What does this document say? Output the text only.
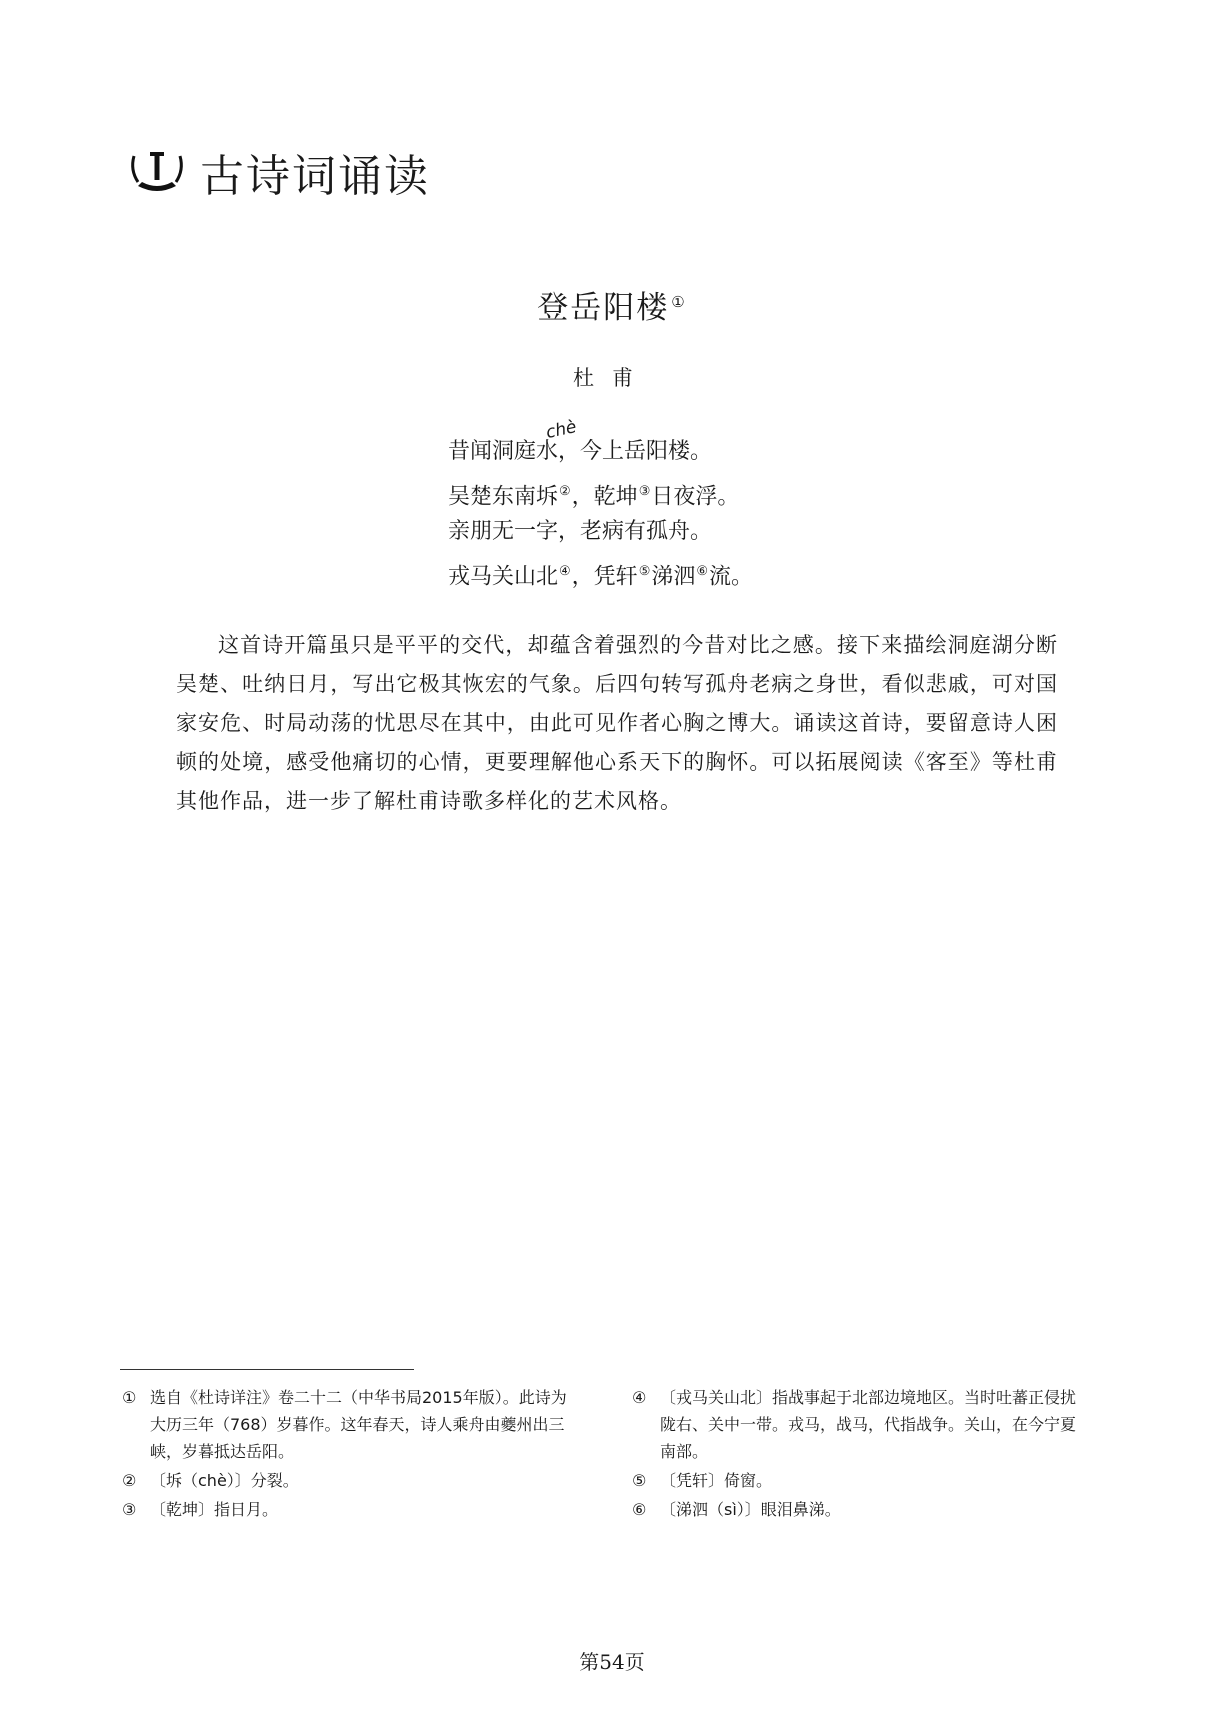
古诗词诵读
登岳阳楼 ①
杜甫
chè
昔闻洞庭水，今上岳阳楼。
吴楚东南坼②，乾坤③日夜浮。
亲朋无一字，老病有孤舟。
戎马关山北④，凭轩⑤涕泗⑥流。
这首诗开篇虽只是平平的交代，却蕴含着强烈的今昔对比之感。接下来描绘洞庭湖分断吴楚、吐纳日月，写出它极其恢宏的气象。后四句转写孤舟老病之身世，看似悲戚，可对国家安危、时局动荡的忧思尽在其中，由此可见作者心胸之博大。诵读这首诗，要留意诗人困顿的处境，感受他痛切的心情，更要理解他心系天下的胸怀。可以拓展阅读《客至》等杜甫其他作品，进一步了解杜甫诗歌多样化的艺术风格。
① 选自《杜诗详注》卷二十二（中华书局2015年版）。此诗为大历三年（768）岁暮作。这年春天，诗人乘舟由夔州出三峡，岁暮抵达岳阳。
② 〔坼（chè）〕分裂。
③ 〔乾坤〕指日月。
④ 〔戎马关山北〕指战事起于北部边境地区。当时吐蕃正侵扰陇右、关中一带。戎马，战马，代指战争。关山，在今宁夏南部。
⑤ 〔凭轩〕倚窗。
⑥ 〔涕泗（sì）〕眼泪鼻涕。
第54页
